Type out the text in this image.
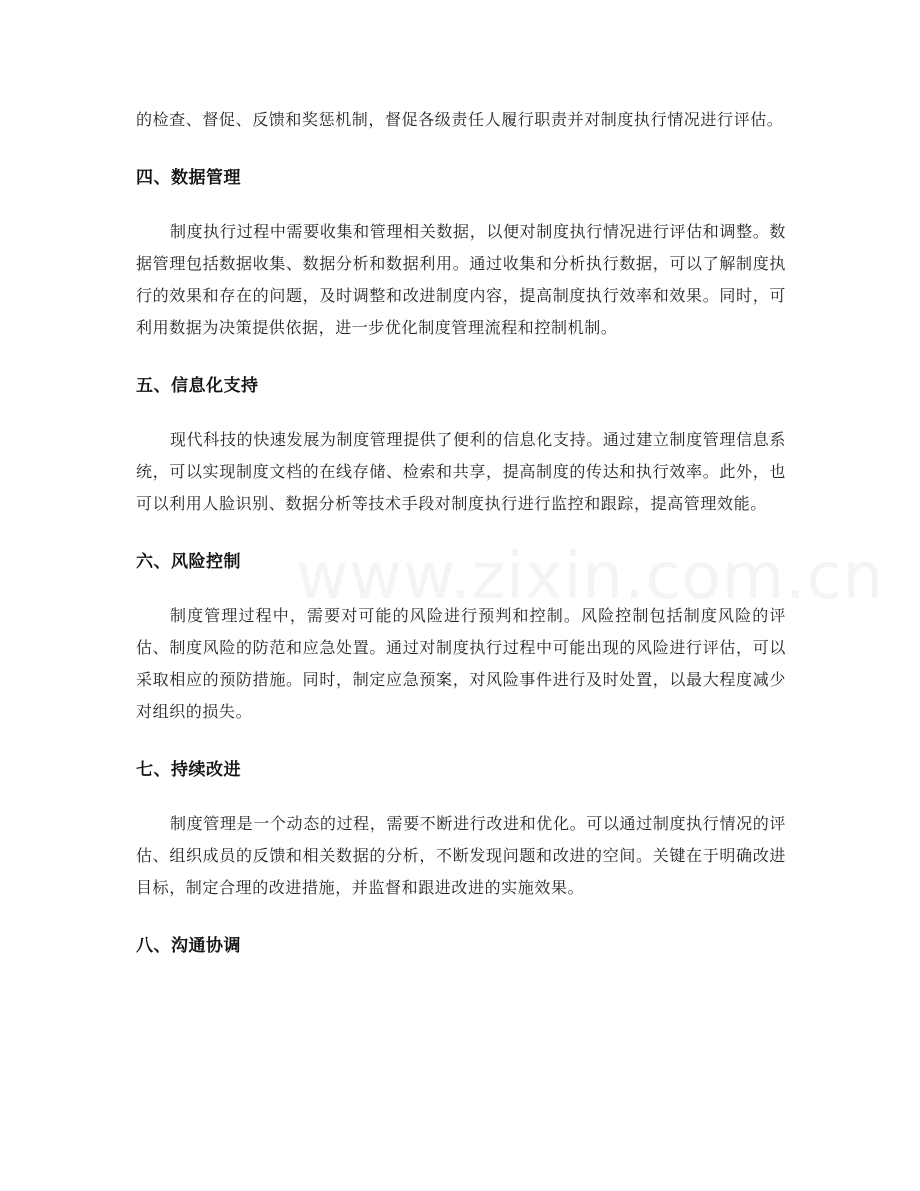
的检查、督促、反馈和奖惩机制，督促各级责任人履行职责并对制度执行情况进行评估。

四、数据管理

制度执行过程中需要收集和管理相关数据，以便对制度执行情况进行评估和调整。数据管理包括数据收集、数据分析和数据利用。通过收集和分析执行数据，可以了解制度执行的效果和存在的问题，及时调整和改进制度内容，提高制度执行效率和效果。同时，可利用数据为决策提供依据，进一步优化制度管理流程和控制机制。

五、信息化支持

现代科技的快速发展为制度管理提供了便利的信息化支持。通过建立制度管理信息系统，可以实现制度文档的在线存储、检索和共享，提高制度的传达和执行效率。此外，也可以利用人脸识别、数据分析等技术手段对制度执行进行监控和跟踪，提高管理效能。

六、风险控制

制度管理过程中，需要对可能的风险进行预判和控制。风险控制包括制度风险的评估、制度风险的防范和应急处置。通过对制度执行过程中可能出现的风险进行评估，可以采取相应的预防措施。同时，制定应急预案，对风险事件进行及时处置，以最大程度减少对组织的损失。

七、持续改进

制度管理是一个动态的过程，需要不断进行改进和优化。可以通过制度执行情况的评估、组织成员的反馈和相关数据的分析，不断发现问题和改进的空间。关键在于明确改进目标，制定合理的改进措施，并监督和跟进改进的实施效果。

八、沟通协调
